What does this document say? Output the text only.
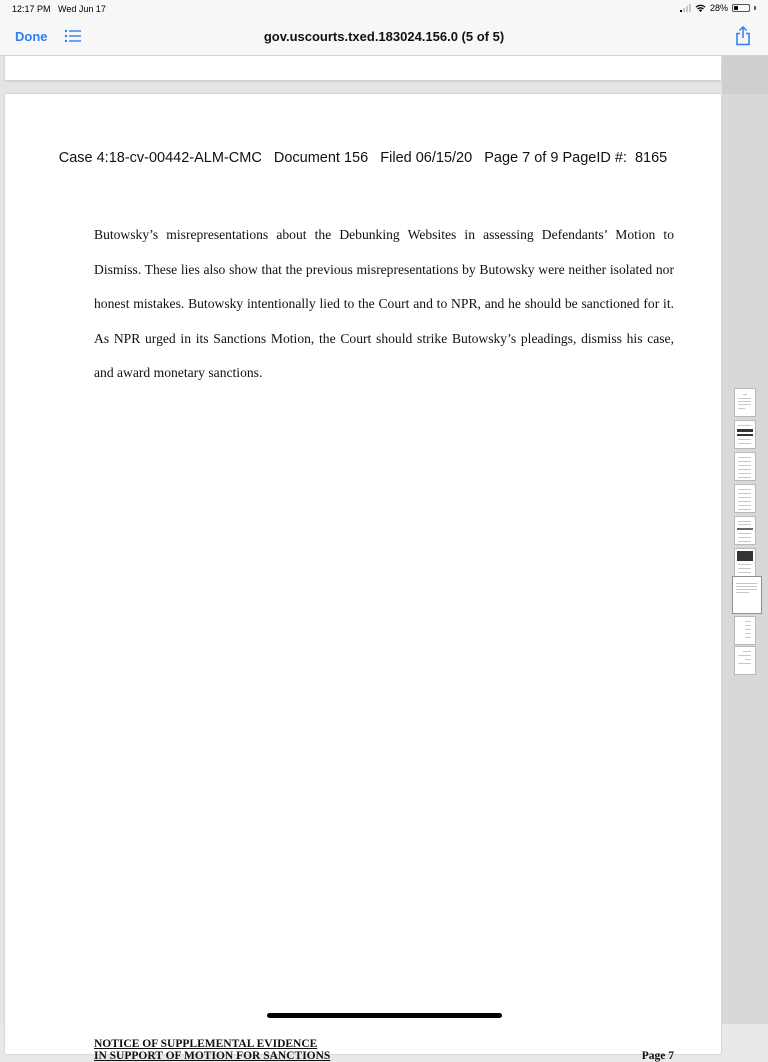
12:17 PM Wed Jun 17	28%
Done	gov.uscourts.txed.183024.156.0 (5 of 5)
Case 4:18-cv-00442-ALM-CMC   Document 156   Filed 06/15/20   Page 7 of 9 PageID #:  8165

Butowsky’s misrepresentations about the Debunking Websites in assessing Defendants’ Motion to Dismiss. These lies also show that the previous misrepresentations by Butowsky were neither isolated nor honest mistakes. Butowsky intentionally lied to the Court and to NPR, and he should be sanctioned for it. As NPR urged in its Sanctions Motion, the Court should strike Butowsky’s pleadings, dismiss his case, and award monetary sanctions.

NOTICE OF SUPPLEMENTAL EVIDENCE
IN SUPPORT OF MOTION FOR SANCTIONS	Page 7
